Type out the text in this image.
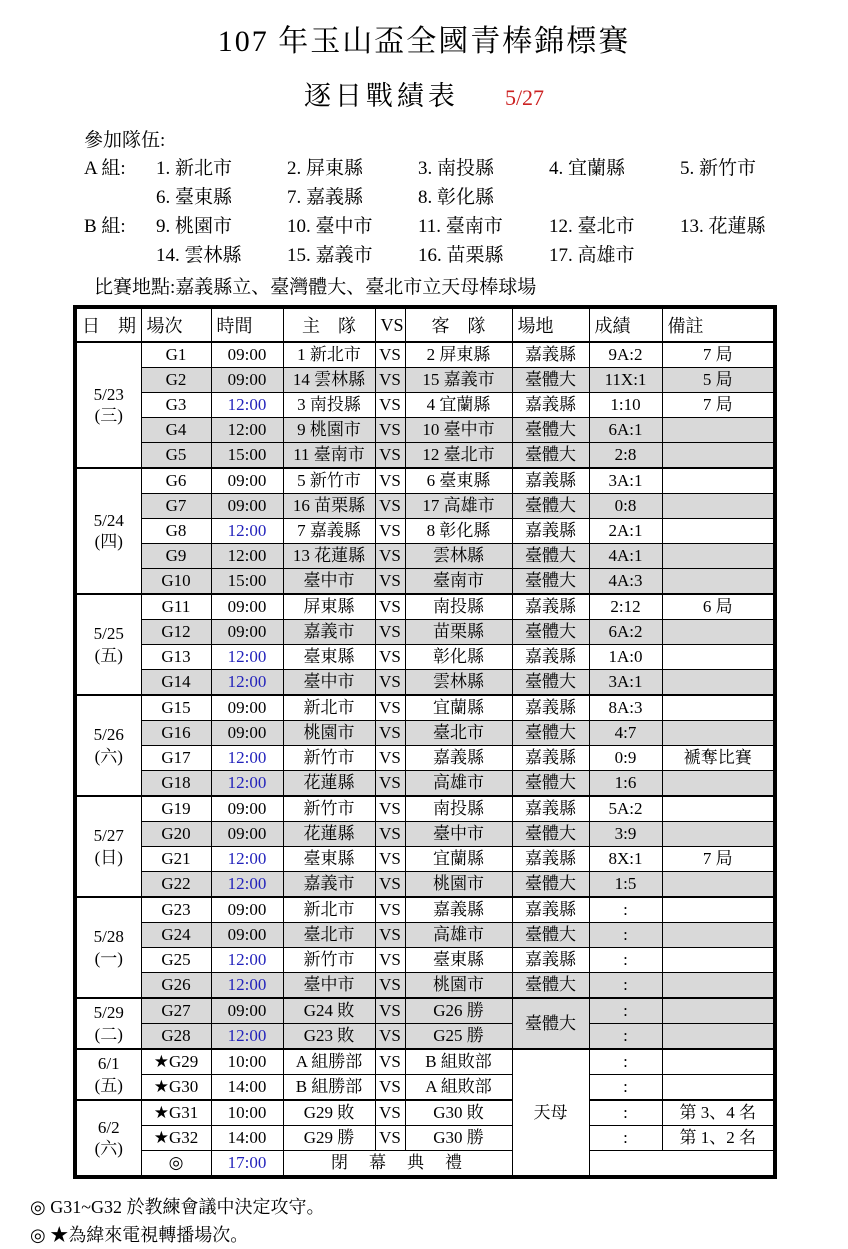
107 年玉山盃全國青棒錦標賽
逐日戰績表 5/27
參加隊伍:
A 組:	1. 新北市	2. 屏東縣	3. 南投縣	4. 宜蘭縣	5. 新竹市
6. 臺東縣	7. 嘉義縣	8. 彰化縣
B 組:	9. 桃園市	10. 臺中市	11. 臺南市	12. 臺北市	13. 花蓮縣
14. 雲林縣	15. 嘉義市	16. 苗栗縣	17. 高雄市
比賽地點:嘉義縣立、臺灣體大、臺北市立天母棒球場
日　期	場次	時間	主　隊	VS	客　隊	場地	成績	備註

5/23
(三)	G1	09:00	1 新北市	VS	2 屏東縣	嘉義縣	9A:2	7 局
	G2	09:00	14 雲林縣	VS	15 嘉義市	臺體大	11X:1	5 局
	G3	12:00	3 南投縣	VS	4 宜蘭縣	嘉義縣	1:10	7 局
	G4	12:00	9 桃園市	VS	10 臺中市	臺體大	6A:1	
	G5	15:00	11 臺南市	VS	12 臺北市	臺體大	2:8	

5/24
(四)	G6	09:00	5 新竹市	VS	6 臺東縣	嘉義縣	3A:1	
	G7	09:00	16 苗栗縣	VS	17 高雄市	臺體大	0:8	
	G8	12:00	7 嘉義縣	VS	8 彰化縣	嘉義縣	2A:1	
	G9	12:00	13 花蓮縣	VS	雲林縣	臺體大	4A:1	
	G10	15:00	臺中市	VS	臺南市	臺體大	4A:3	

5/25
(五)	G11	09:00	屏東縣	VS	南投縣	嘉義縣	2:12	6 局
	G12	09:00	嘉義市	VS	苗栗縣	臺體大	6A:2	
	G13	12:00	臺東縣	VS	彰化縣	嘉義縣	1A:0	
	G14	12:00	臺中市	VS	雲林縣	臺體大	3A:1	

5/26
(六)	G15	09:00	新北市	VS	宜蘭縣	嘉義縣	8A:3	
	G16	09:00	桃園市	VS	臺北市	臺體大	4:7	
	G17	12:00	新竹市	VS	嘉義縣	嘉義縣	0:9	褫奪比賽
	G18	12:00	花蓮縣	VS	高雄市	臺體大	1:6	

5/27
(日)	G19	09:00	新竹市	VS	南投縣	嘉義縣	5A:2	
	G20	09:00	花蓮縣	VS	臺中市	臺體大	3:9	
	G21	12:00	臺東縣	VS	宜蘭縣	嘉義縣	8X:1	7 局
	G22	12:00	嘉義市	VS	桃園市	臺體大	1:5	

5/28
(一)	G23	09:00	新北市	VS	嘉義縣	嘉義縣	:	
	G24	09:00	臺北市	VS	高雄市	臺體大	:	
	G25	12:00	新竹市	VS	臺東縣	嘉義縣	:	
	G26	12:00	臺中市	VS	桃園市	臺體大	:	

5/29
(二)	G27	09:00	G24 敗	VS	G26 勝	臺體大	:	
	G28	12:00	G23 敗	VS	G25 勝		:	

6/1
(五)	★G29	10:00	A 組勝部	VS	B 組敗部	天母	:	
	★G30	14:00	B 組勝部	VS	A 組敗部		:	

6/2
(六)	★G31	10:00	G29 敗	VS	G30 敗		:	第 3、4 名
	★G32	14:00	G29 勝	VS	G30 勝		:	第 1、2 名
	◎	17:00	閉　幕　典　禮					
◎ G31~G32 於教練會議中決定攻守。
◎ ★為緯來電視轉播場次。
